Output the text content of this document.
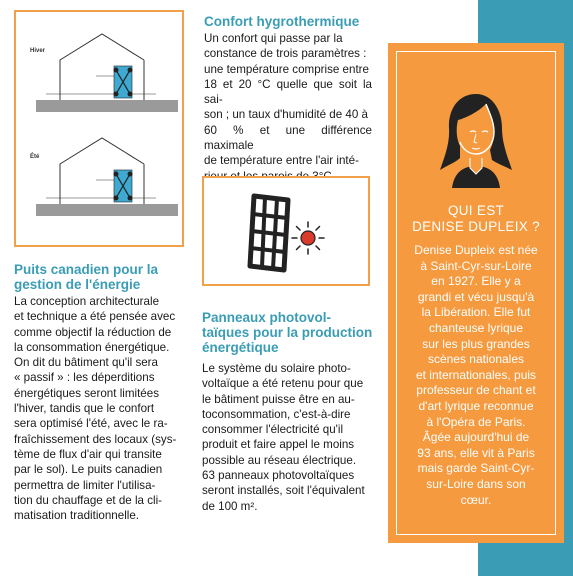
Hiver
Été
Confort hygrothermique
Un confort qui passe par la
constance de trois paramètres :
une température comprise entre
18 et 20 °C quelle que soit la sai-
son ; un taux d'humidité de 40 à
60 % et une différence maximale
de température entre l'air inté-
Puits canadien pour la
gestion de l'énergie
La conception architecturale
et technique a été pensée avec
comme objectif la réduction de
la consommation énergétique.
On dit du bâtiment qu'il sera
« passif » : les déperditions
énergétiques seront limitées
l'hiver, tandis que le confort
sera optimisé l'été, avec le ra-
fraîchissement des locaux (sys-
tème de flux d'air qui transite
par le sol). Le puits canadien
permettra de limiter l'utilisa-
tion du chauffage et de la cli-
matisation traditionnelle.
Panneaux photovol-
taïques pour la production
énergétique
Le système du solaire photo-
voltaïque a été retenu pour que
le bâtiment puisse être en au-
toconsommation, c'est-à-dire
consommer l'électricité qu'il
produit et faire appel le moins
possible au réseau électrique.
63 panneaux photovoltaïques
seront installés, soit l'équivalent
de 100 m².
QUI EST
DENISE DUPLEIX ?
Denise Dupleix est née
à Saint-Cyr-sur-Loire
en 1927. Elle y a
grandi et vécu jusqu'à
la Libération. Elle fut
chanteuse lyrique
sur les plus grandes
scènes nationales
et internationales, puis
professeur de chant et
d'art lyrique reconnue
à l'Opéra de Paris.
Âgée aujourd'hui de
93 ans, elle vit à Paris
mais garde Saint-Cyr-
sur-Loire dans son
cœur.
